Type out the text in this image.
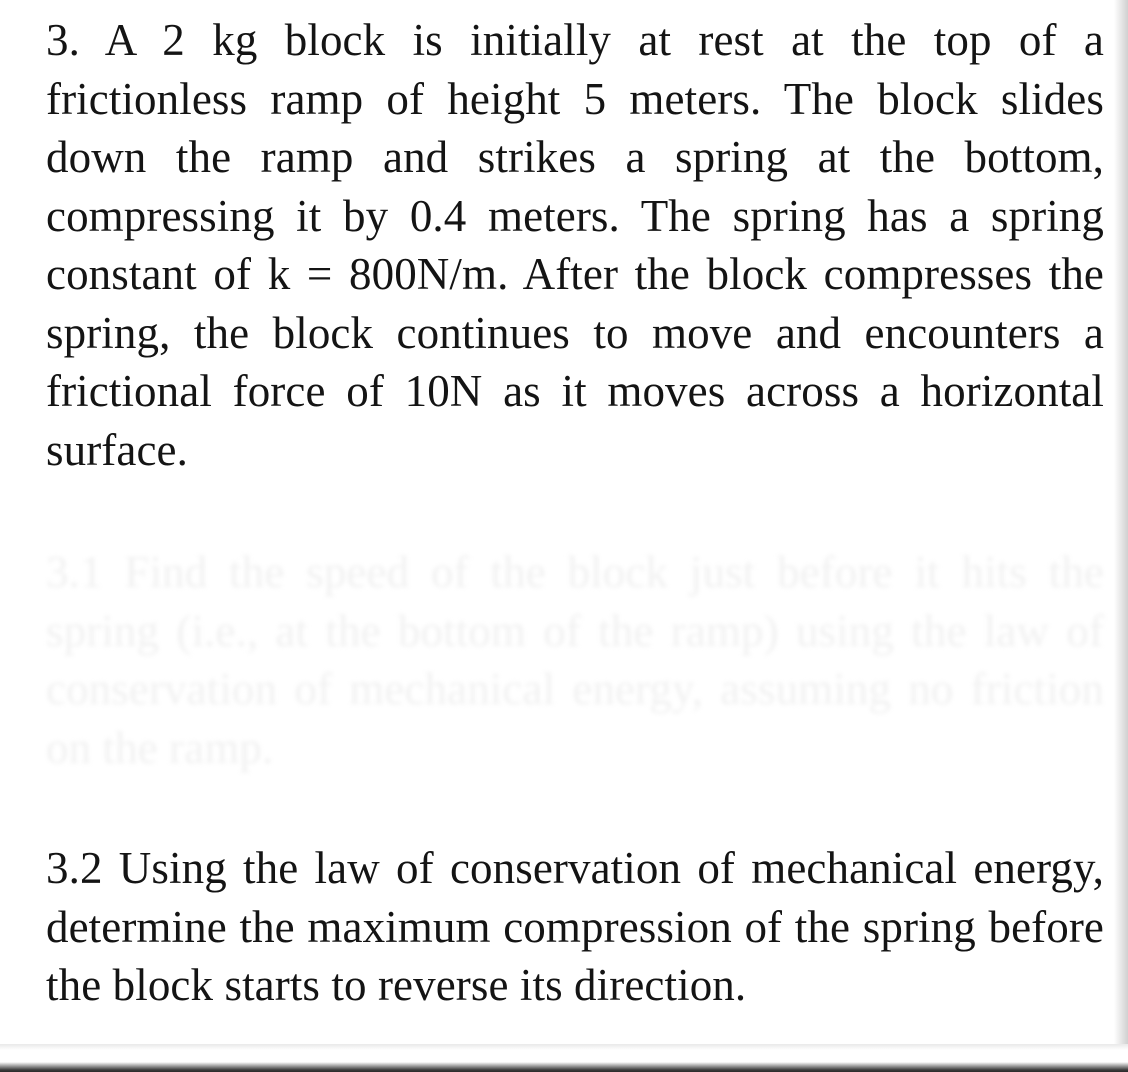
3. A 2 kg block is initially at rest at the top of a frictionless ramp of height 5 meters. The block slides down the ramp and strikes a spring at the bottom, compressing it by 0.4 meters. The spring has a spring constant of k = 800N/m. After the block compresses the spring, the block continues to move and encounters a frictional force of 10N as it moves across a horizontal surface.

3.1 Find the speed of the block just before it hits the spring (i.e., at the bottom of the ramp) using the law of conservation of mechanical energy, assuming no friction on the ramp.

3.2 Using the law of conservation of mechanical energy, determine the maximum compression of the spring before the block starts to reverse its direction.
